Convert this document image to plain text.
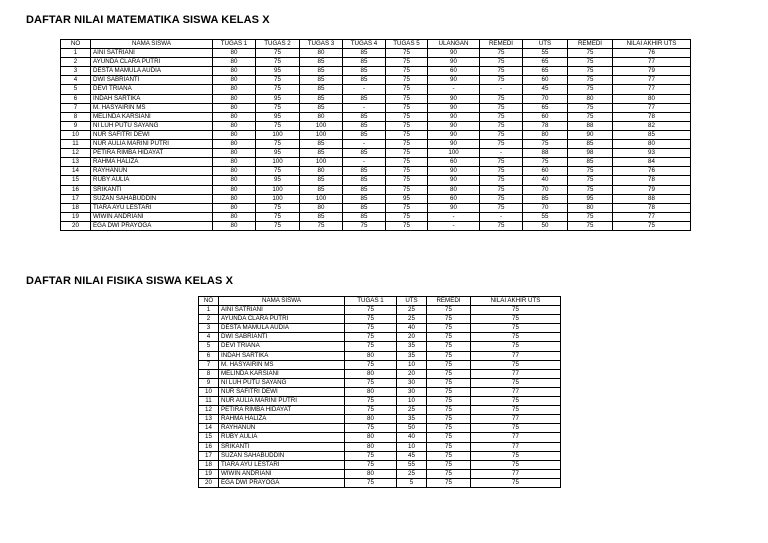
DAFTAR NILAI MATEMATIKA SISWA KELAS X
NO	NAMA SISWA	TUGAS 1	TUGAS 2	TUGAS 3	TUGAS 4	TUGAS 5	ULANGAN	REMEDI	UTS	REMEDI	NILAI AKHIR UTS
1	AINI SATRIANI	80	75	80	85	75	90	75	55	75	76
2	AYUNDA CLARA PUTRI	80	75	85	85	75	90	75	65	75	77
3	DESTA MAMULA AUDIA	80	95	85	85	75	60	75	65	75	79
4	DWI SABRIANTI	80	75	85	85	75	90	75	60	75	77
5	DEVI TRIANA	80	75	85	-	75	-	-	45	75	77
6	INDAH SARTIKA	80	95	85	85	75	90	75	70	80	80
7	M. HASYAIRIN MS	80	75	85	-	75	90	75	65	75	77
8	MELINDA KARSIANI	80	95	80	85	75	90	75	60	75	78
9	NI LUH PUTU SAYANG	80	75	100	85	75	90	75	78	88	82
10	NUR SAFITRI DEWI	80	100	100	85	75	90	75	80	90	85
11	NUR AULIA MARINI PUTRI	80	75	85	-	75	90	75	75	85	80
12	PETIRA RIMBA HIDAYAT	80	95	85	85	75	100	-	88	98	93
13	RAHMA HALIZA	80	100	100	-	75	60	75	75	85	84
14	RAYHANUN	80	75	80	85	75	90	75	60	75	76
15	RUBY AULIA	80	95	85	85	75	90	75	40	75	78
16	SRIKANTI	80	100	85	85	75	80	75	70	75	79
17	SUZAN SAHABUDDIN	80	100	100	85	95	60	75	85	95	88
18	TIARA AYU LESTARI	80	75	80	85	75	90	75	70	80	78
19	WIWIN ANDRIANI	80	75	85	85	75	-	-	55	75	77
20	EGA DWI PRAYOGA	80	75	75	75	75	-	75	50	75	75
DAFTAR NILAI FISIKA SISWA KELAS X
NO	NAMA SISWA	TUGAS 1	UTS	REMEDI	NILAI AKHIR UTS
1	AINI SATRIANI	75	25	75	75
2	AYUNDA CLARA PUTRI	75	25	75	75
3	DESTA MAMULA AUDIA	75	40	75	75
4	DWI SABRIANTI	75	20	75	75
5	DEVI TRIANA	75	35	75	75
6	INDAH SARTIKA	80	35	75	77
7	M. HASYAIRIN MS	75	10	75	75
8	MELINDA KARSIANI	80	20	75	77
9	NI LUH PUTU SAYANG	75	30	75	75
10	NUR SAFITRI DEWI	80	30	75	77
11	NUR AULIA MARINI PUTRI	75	10	75	75
12	PETIRA RIMBA HIDAYAT	75	25	75	75
13	RAHMA HALIZA	80	35	75	77
14	RAYHANUN	75	50	75	75
15	RUBY AULIA	80	40	75	77
16	SRIKANTI	80	10	75	77
17	SUZAN SAHABUDDIN	75	45	75	75
18	TIARA AYU LESTARI	75	55	75	75
19	WIWIN ANDRIANI	80	25	75	77
20	EGA DWI PRAYOGA	75	5	75	75
